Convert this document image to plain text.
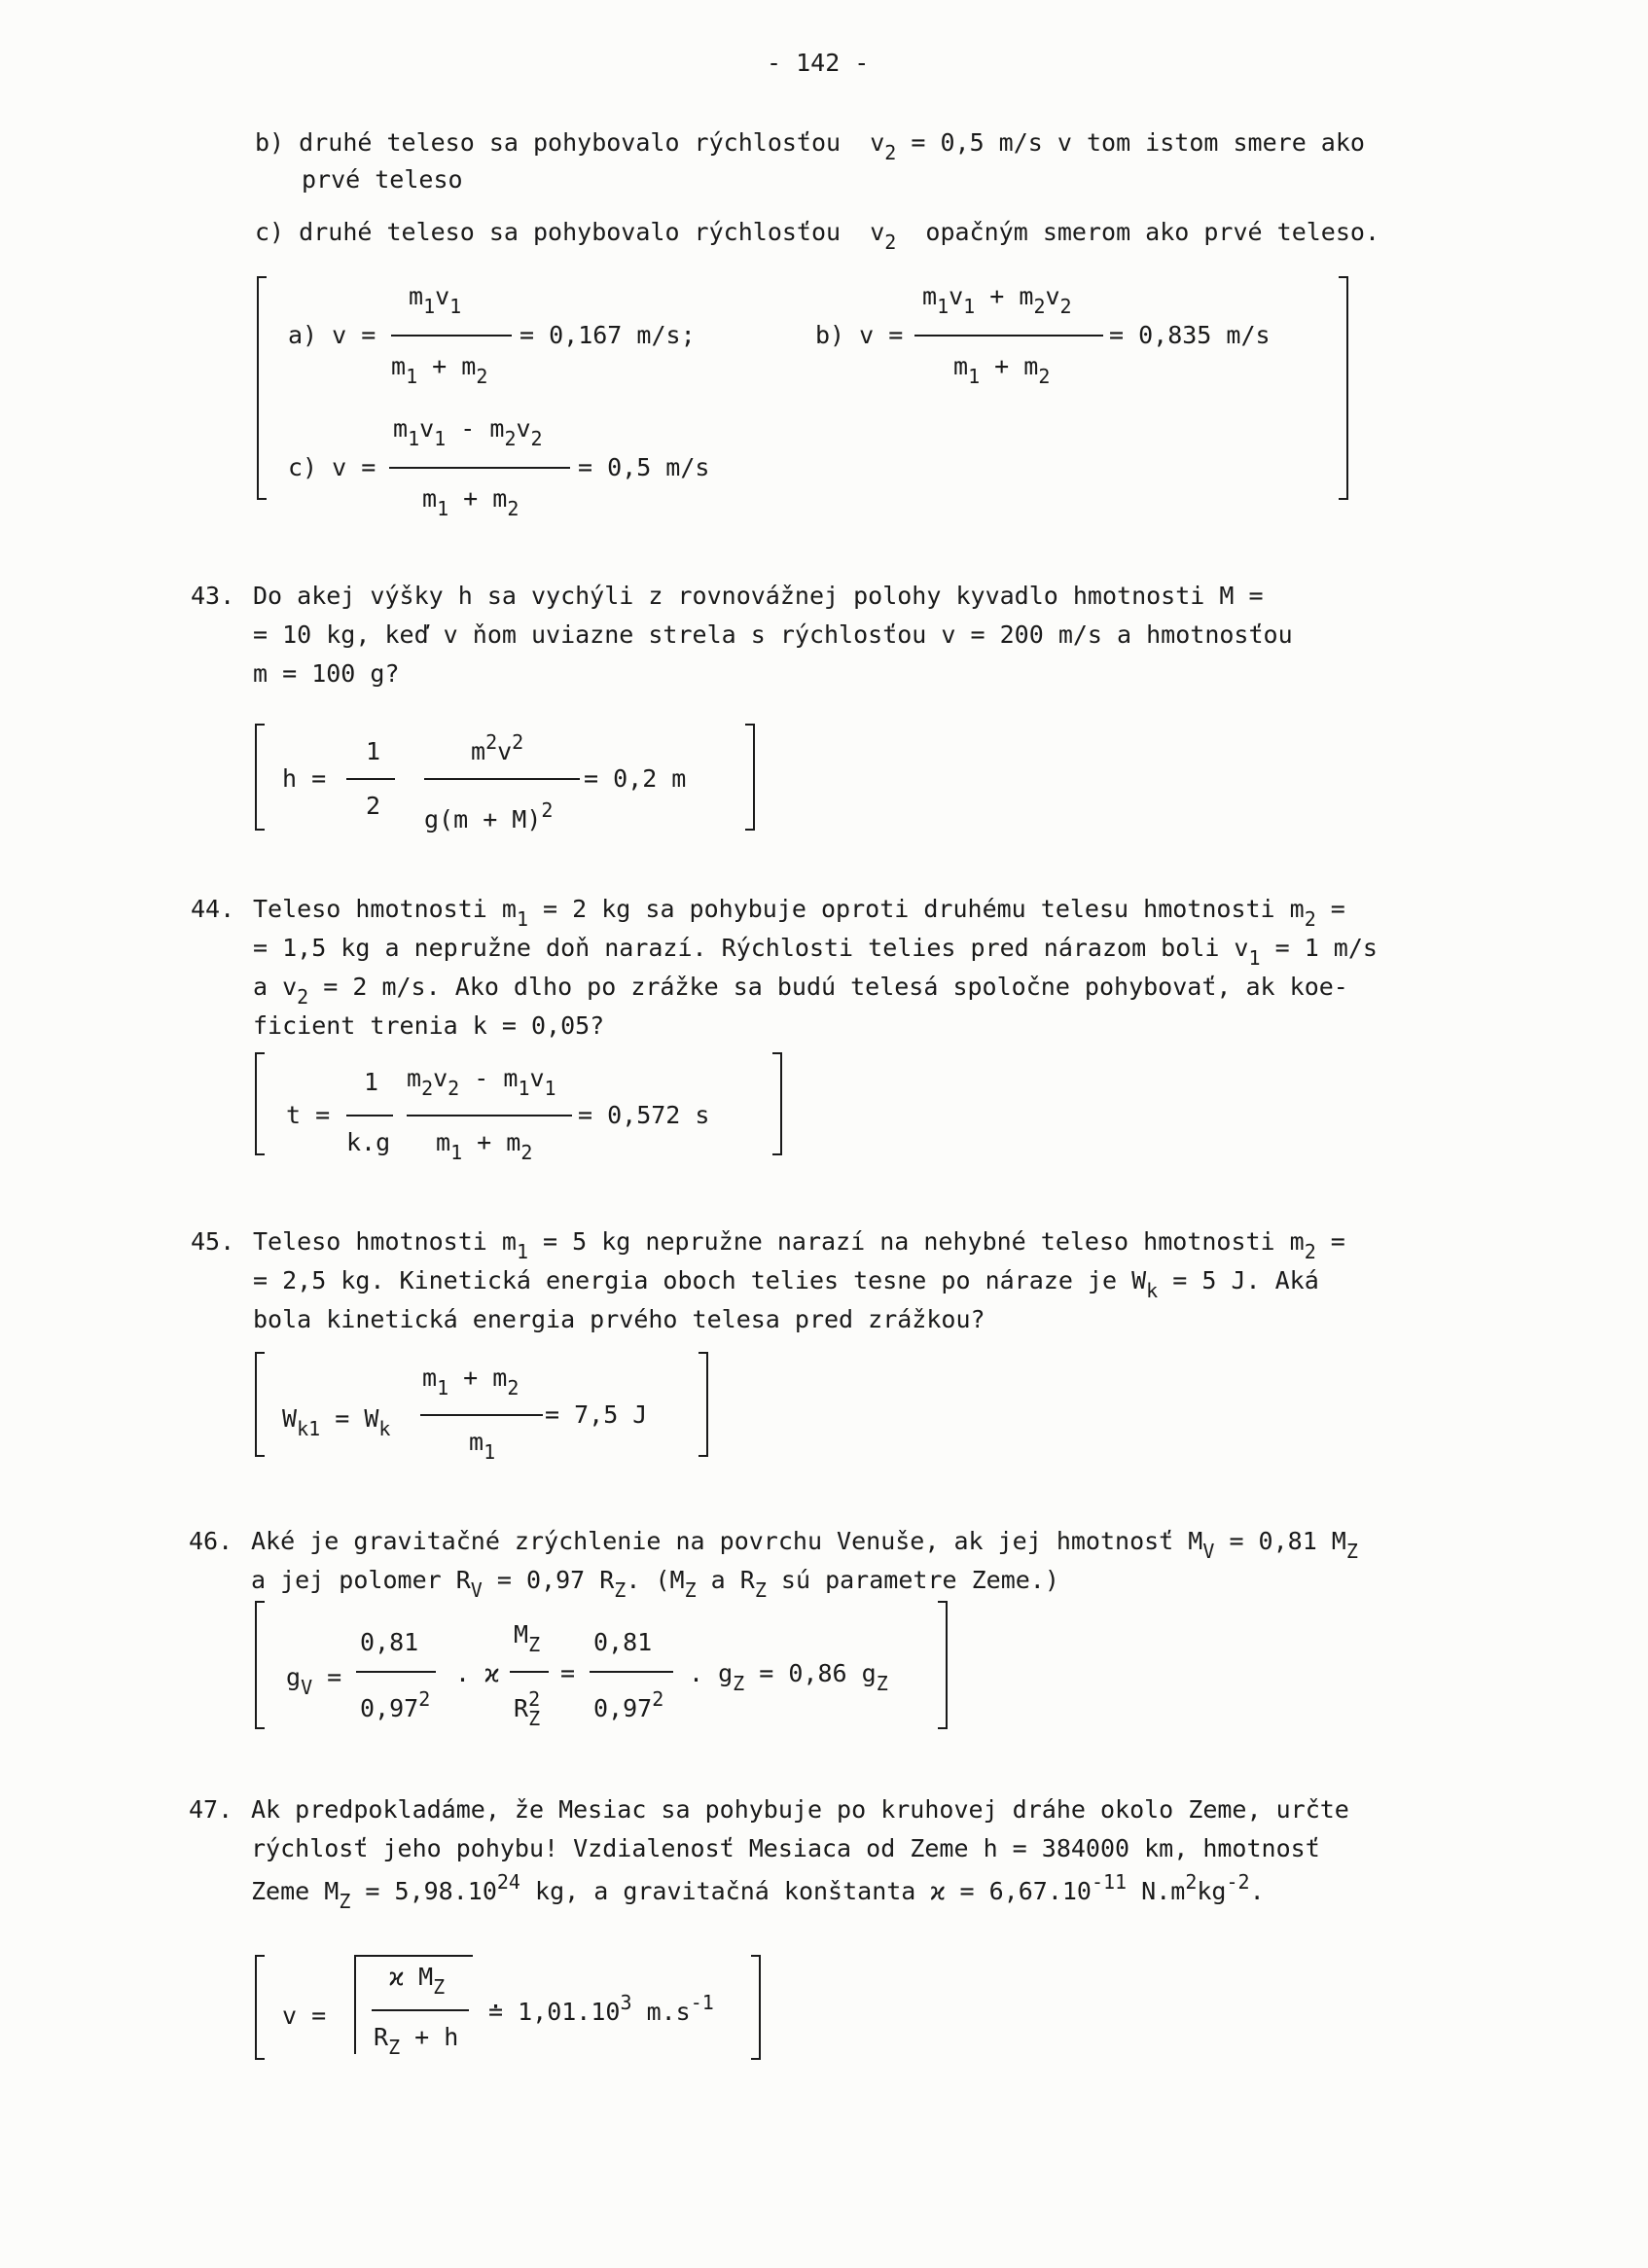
- 142 -
b) druhé teleso sa pohybovalo rýchlosťou $v_2 = 0,5$ m/s v tom istom smere ako
prvé teleso
c) druhé teleso sa pohybovalo rýchlosťou $v_2$ opačným smerom ako prvé teleso.
a) v =
$m_1v_1$
$m_1 + m_2$
= 0,167 m/s;	b) v =
$m_1v_1 + m_2v_2$
$m_1 + m_2$
= 0,835 m/s
c) v =
$m_1v_1 - m_2v_2$
$m_1 + m_2$
= 0,5 m/s
43. Do akej výšky h sa vychýli z rovnovážnej polohy kyvadlo hmotnosti M =
= 10 kg, keď v ňom uviazne strela s rýchlosťou v = 200 m/s a hmotnosťou
m = 100 g?
h =
1
2
$m^2v^2$
$g(m + M)^2$
= 0,2 m
44. Teleso hmotnosti $m_1 = 2$ kg sa pohybuje oproti druhému telesu hmotnosti $m_2$ =
= 1,5 kg a nepružne doň narazí. Rýchlosti telies pred nárazom boli $v_1 = 1$ m/s
a $v_2 = 2$ m/s. Ako dlho po zrážke sa budú telesá spoločne pohybovať, ak koe-
ficient trenia k = 0,05?
t =
1
k.g
$m_2v_2 - m_1v_1$
$m_1 + m_2$
= 0,572 s
45. Teleso hmotnosti $m_1 = 5$ kg nepružne narazí na nehybné teleso hmotnosti $m_2$ =
= 2,5 kg. Kinetická energia oboch telies tesne po náraze je $W_k = 5$ J. Aká
bola kinetická energia prvého telesa pred zrážkou?
$W_{k1} = W_k$
$m_1 + m_2$
$m_1$
= 7,5 J
46. Aké je gravitačné zrýchlenie na povrchu Venuše, ak jej hmotnosť $M_V = 0,81$ $M_Z$
a jej polomer $R_V = 0,97$ $R_Z$. ($M_Z$ a $R_Z$ sú parametre Zeme.)
$g_V$ =
0,81
0,97$^2$
. ϰ
$M_Z$
$R^2_Z$
=
0,81
0,97$^2$
. $g_Z = 0,86$ $g_Z$
47. Ak predpokladáme, že Mesiac sa pohybuje po kruhovej dráhe okolo Zeme, určte
rýchlosť jeho pohybu! Vzdialenosť Mesiaca od Zeme h = 384000 km, hmotnosť
Zeme $M_Z = 5,98.10^{24}$ kg, a gravitačná konštanta $ϰ = 6,67.10^{-11}$ $N.m^2kg^{-2}$.
v =
ϰ $M_Z$
$R_Z + h$
≐ 1,01.10$^3$ $m.s^{-1}$
